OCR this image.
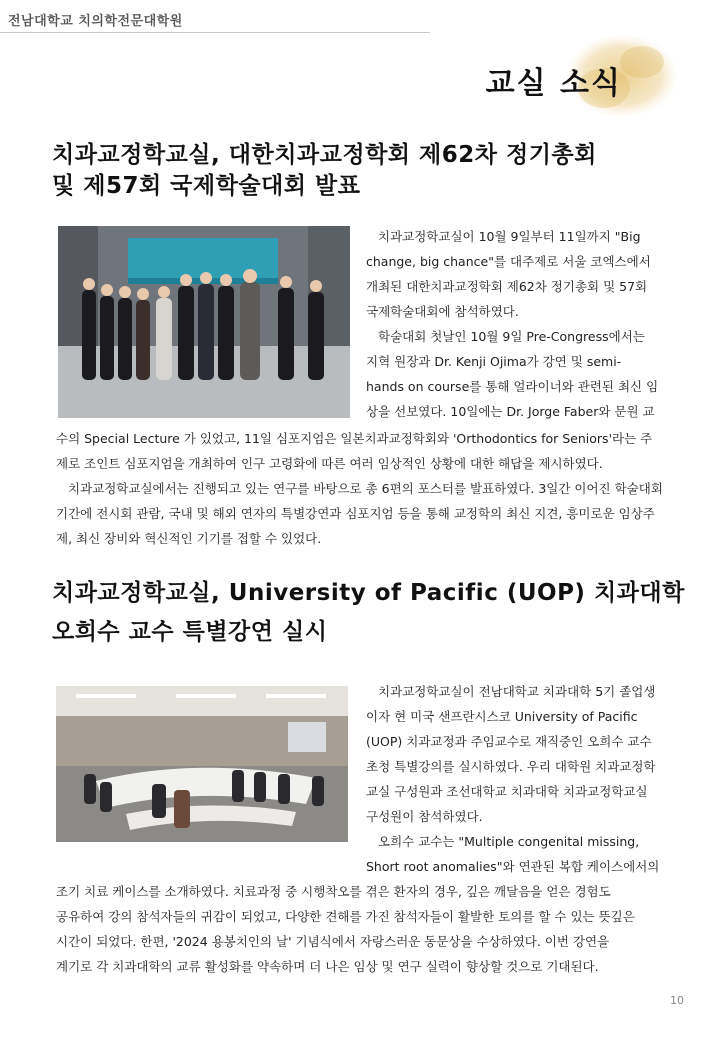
전남대학교 치의학전문대학원
교실 소식
치과교정학교실, 대한치과교정학회 제62차 정기총회
및 제57회 국제학술대회 발표

치과교정학교실이 10월 9일부터 11일까지 "Big

change, big chance"를 대주제로 서울 코엑스에서

개최된 대한치과교정학회 제62차 정기총회 및 57회

국제학술대회에 참석하였다.

학술대회 첫날인 10월 9일 Pre-Congress에서는

지혁 원장과 Dr. Kenji Ojima가 강연 및 semi-

hands on course를 통해 얼라이너와 관련된 최신 임

상을 선보였다. 10일에는 Dr. Jorge Faber와 문원 교

수의 Special Lecture 가 있었고, 11일 심포지엄은 일본치과교정학회와 'Orthodontics for Seniors'라는 주

제로 조인트 심포지엄을 개최하여 인구 고령화에 따른 여러 임상적인 상황에 대한 해답을 제시하였다.

치과교정학교실에서는 진행되고 있는 연구를 바탕으로 총 6편의 포스터를 발표하였다. 3일간 이어진 학술대회

기간에 전시회 관람, 국내 및 해외 연자의 특별강연과 심포지엄 등을 통해 교정학의 최신 지견, 흥미로운 임상주

제, 최신 장비와 혁신적인 기기를 접할 수 있었다.

치과교정학교실, University of Pacific (UOP) 치과대학
오희수 교수 특별강연 실시

치과교정학교실이 전남대학교 치과대학 5기 졸업생

이자 현 미국 샌프란시스코 University of Pacific

(UOP) 치과교정과 주임교수로 재직중인 오희수 교수

초청 특별강의를 실시하였다. 우리 대학원 치과교정학

교실 구성원과 조선대학교 치과대학 치과교정학교실

구성원이 참석하였다.

오희수 교수는 "Multiple congenital missing,

Short root anomalies"와 연관된 복합 케이스에서의

조기 치료 케이스를 소개하였다. 치료과정 중 시행착오를 겪은 환자의 경우, 깊은 깨달음을 얻은 경험도

공유하여 강의 참석자들의 귀감이 되었고, 다양한 견해를 가진 참석자들이 활발한 토의를 할 수 있는 뜻깊은

시간이 되었다. 한편, '2024 용봉치인의 날' 기념식에서 자랑스러운 동문상을 수상하였다. 이번 강연을

계기로 각 치과대학의 교류 활성화를 약속하며 더 나은 임상 및 연구 실력이 향상할 것으로 기대된다.

10
